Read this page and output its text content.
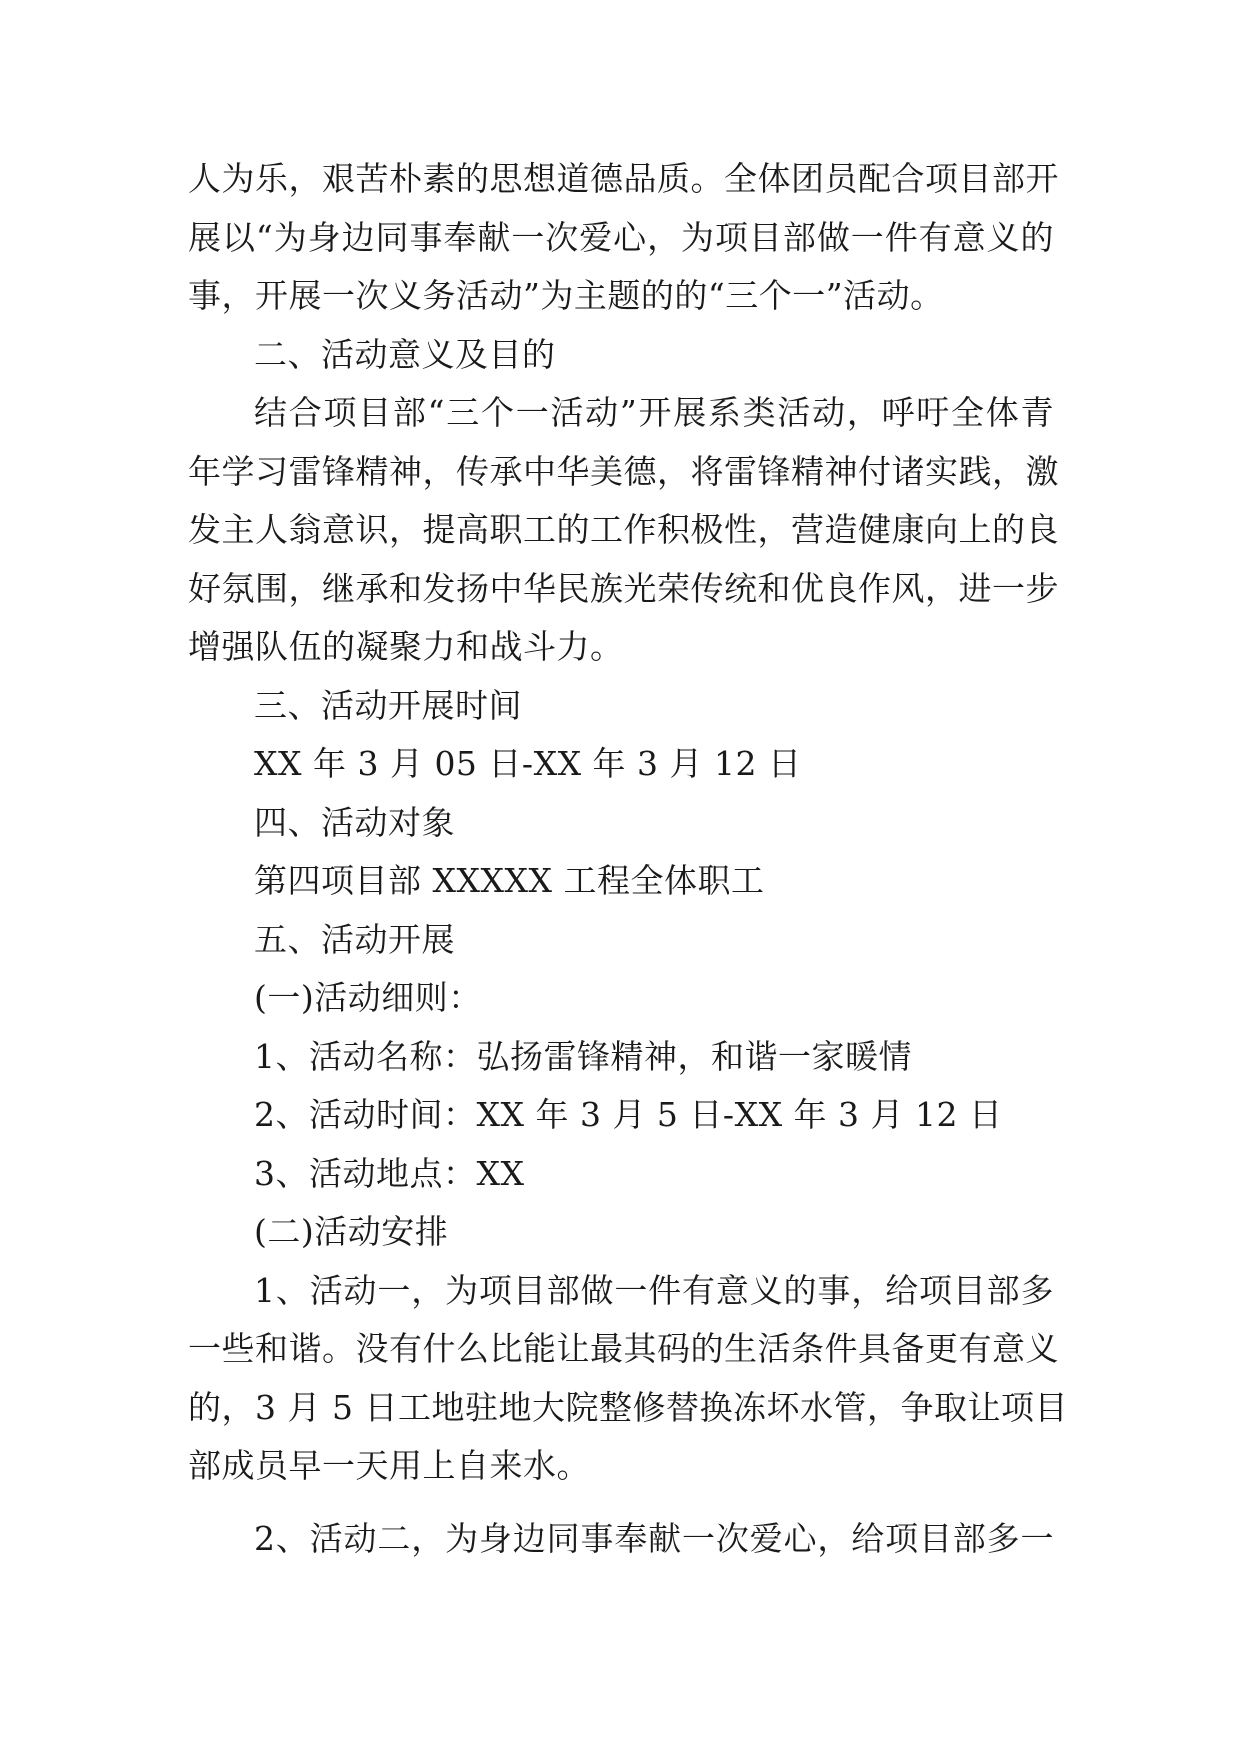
人为乐，艰苦朴素的思想道德品质。全体团员配合项目部开
展以“为身边同事奉献一次爱心，为项目部做一件有意义的
事，开展一次义务活动”为主题的的“三个一”活动。
二、活动意义及目的
结合项目部“三个一活动”开展系类活动，呼吁全体青
年学习雷锋精神，传承中华美德，将雷锋精神付诸实践，激
发主人翁意识，提高职工的工作积极性，营造健康向上的良
好氛围，继承和发扬中华民族光荣传统和优良作风，进一步
增强队伍的凝聚力和战斗力。
三、活动开展时间
XX 年 3 月 05 日-XX 年 3 月 12 日
四、活动对象
第四项目部 XXXXX 工程全体职工
五、活动开展
(一)活动细则：
1、活动名称：弘扬雷锋精神，和谐一家暖情
2、活动时间：XX 年 3 月 5 日-XX 年 3 月 12 日
3、活动地点：XX
(二)活动安排
1、活动一，为项目部做一件有意义的事，给项目部多
一些和谐。没有什么比能让最其码的生活条件具备更有意义
的，3 月 5 日工地驻地大院整修替换冻坏水管，争取让项目
部成员早一天用上自来水。
2、活动二，为身边同事奉献一次爱心，给项目部多一
